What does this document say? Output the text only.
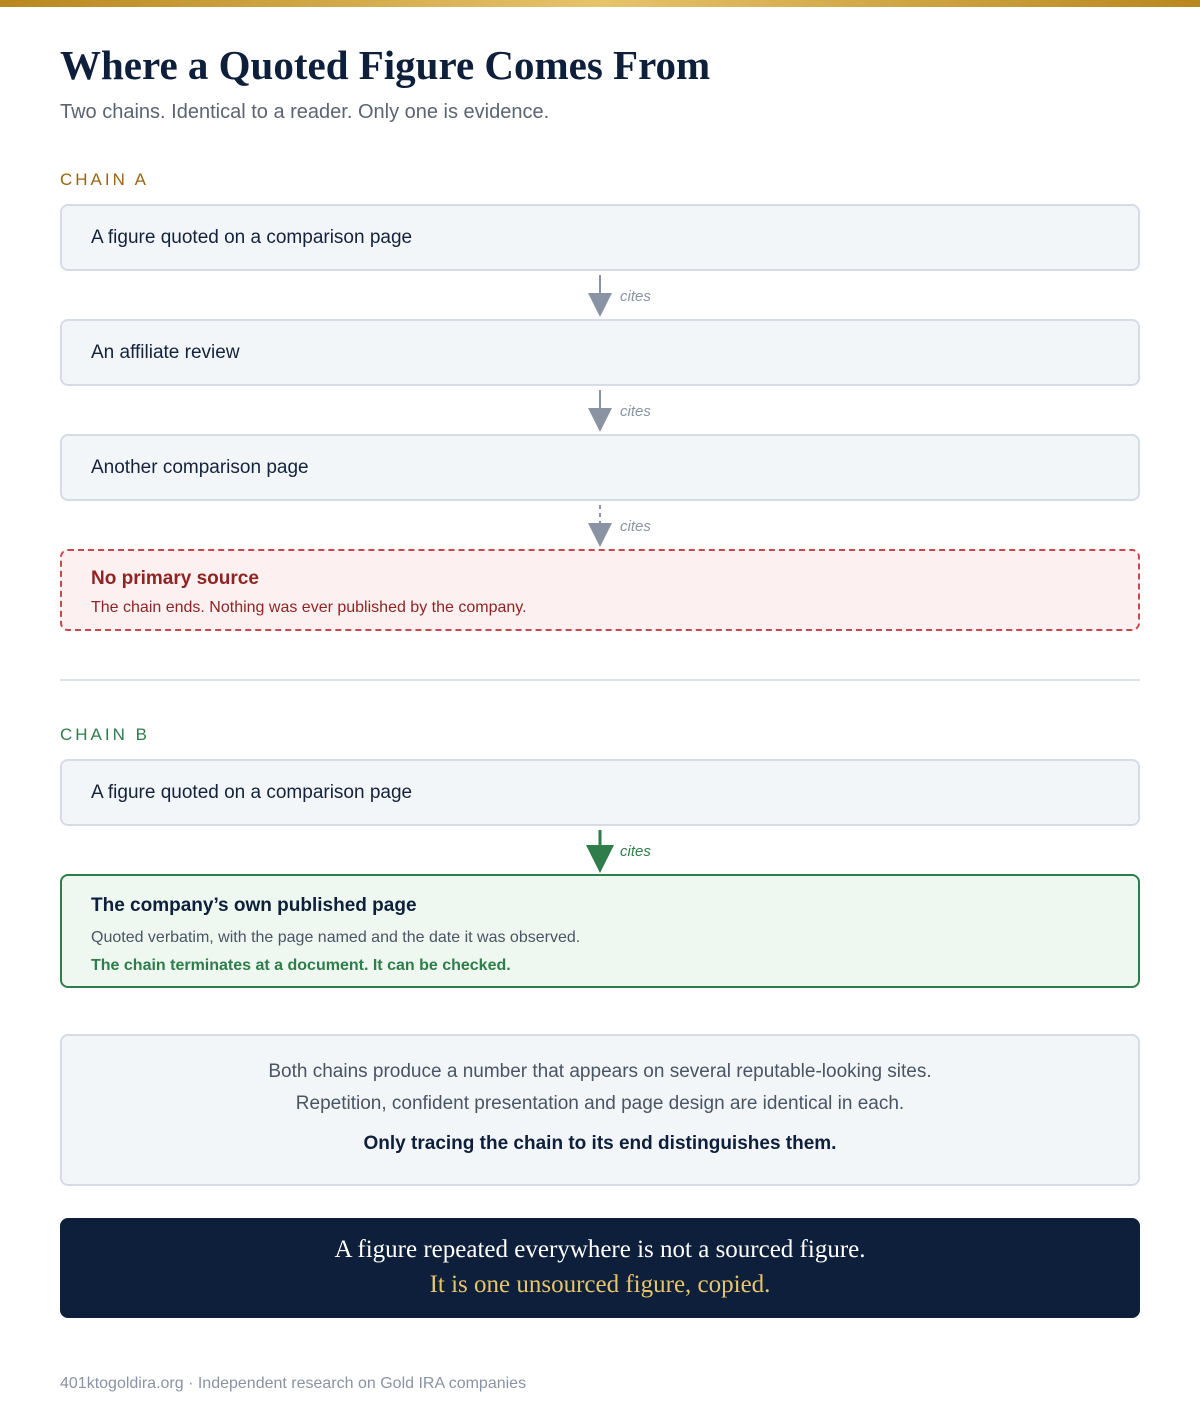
Where a Quoted Figure Comes From

Two chains. Identical to a reader. Only one is evidence.

CHAIN A
A figure quoted on a comparison page
cites
An affiliate review
cites
Another comparison page
cites
No primary source
The chain ends. Nothing was ever published by the company.
CHAIN B
A figure quoted on a comparison page
cites
The company’s own published page
Quoted verbatim, with the page named and the date it was observed.
The chain terminates at a document. It can be checked.
Both chains produce a number that appears on several reputable-looking sites.
Repetition, confident presentation and page design are identical in each.
Only tracing the chain to its end distinguishes them.
A figure repeated everywhere is not a sourced figure.
It is one unsourced figure, copied.
401ktogoldira.org · Independent research on Gold IRA companies
